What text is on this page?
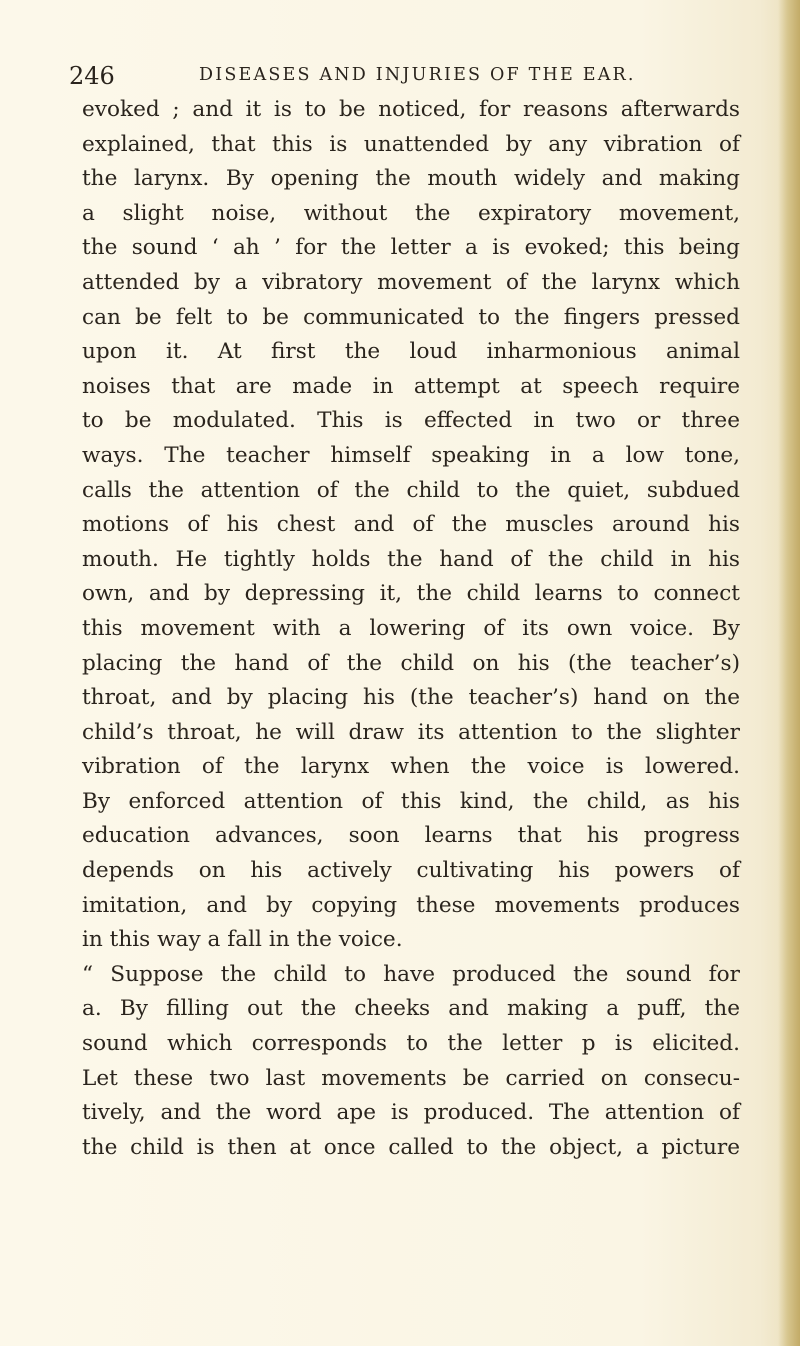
246	DISEASES AND INJURIES OF THE EAR.
evoked ; and it is to be noticed, for reasons afterwards
explained, that this is unattended by any vibration of
the larynx. By opening the mouth widely and making
a slight noise, without the expiratory movement,
the sound ‘ ah ’ for the letter a is evoked; this being
attended by a vibratory movement of the larynx which
can be felt to be communicated to the fingers pressed
upon it. At first the loud inharmonious animal
noises that are made in attempt at speech require
to be modulated. This is effected in two or three
ways. The teacher himself speaking in a low tone,
calls the attention of the child to the quiet, subdued
motions of his chest and of the muscles around his
mouth. He tightly holds the hand of the child in his
own, and by depressing it, the child learns to connect
this movement with a lowering of its own voice. By
placing the hand of the child on his (the teacher’s)
throat, and by placing his (the teacher’s) hand on the
child’s throat, he will draw its attention to the slighter
vibration of the larynx when the voice is lowered.
By enforced attention of this kind, the child, as his
education advances, soon learns that his progress
depends on his actively cultivating his powers of
imitation, and by copying these movements produces
in this way a fall in the voice.
“ Suppose the child to have produced the sound for
a. By filling out the cheeks and making a puff, the
sound which corresponds to the letter p is elicited.
Let these two last movements be carried on consecu-
tively, and the word ape is produced. The attention of
the child is then at once called to the object, a picture
